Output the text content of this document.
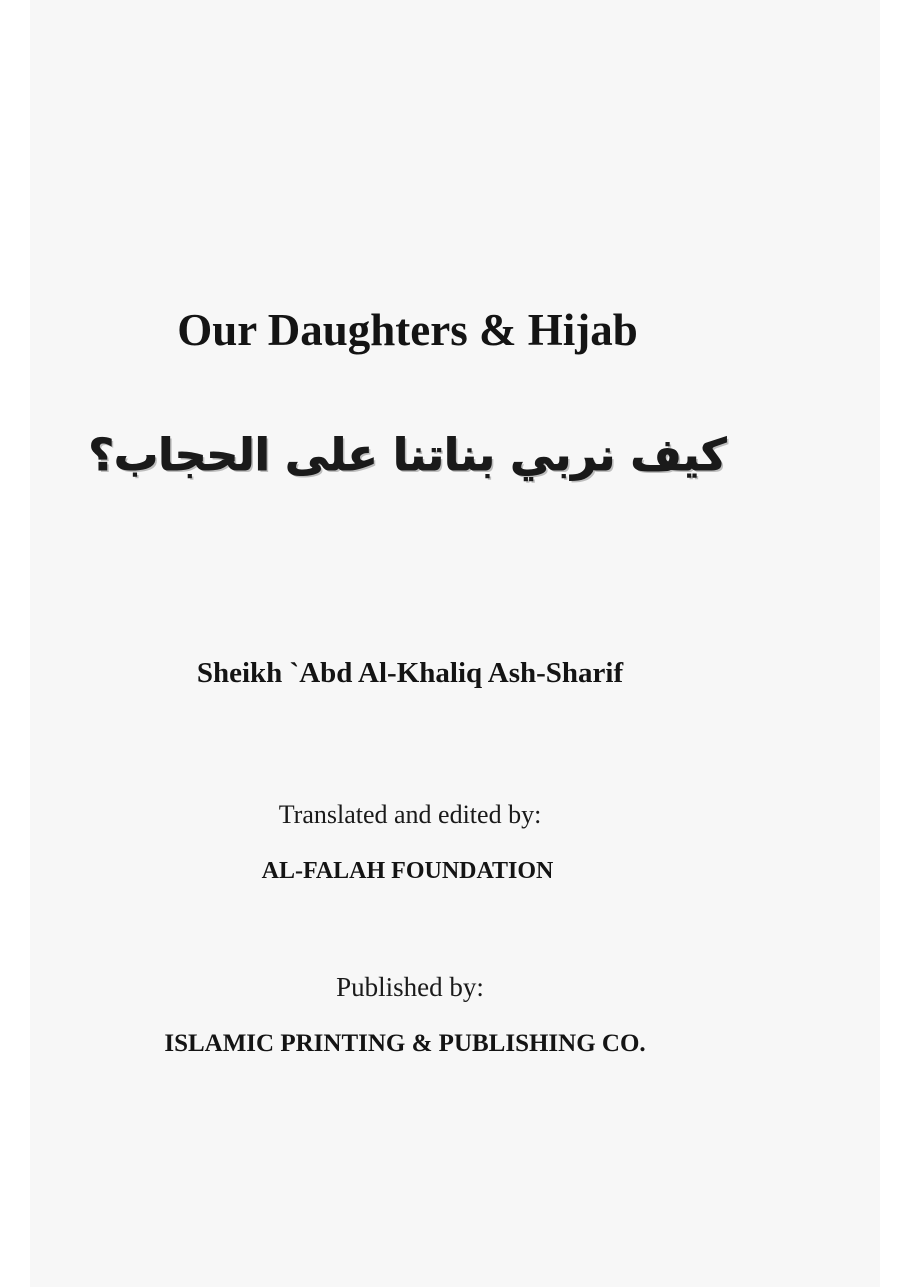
Our Daughters & Hijab
كيف نربي بناتنا على الحجاب؟
Sheikh `Abd Al-Khaliq Ash-Sharif
Translated and edited by:
AL-FALAH FOUNDATION
Published by:
ISLAMIC PRINTING & PUBLISHING CO.
